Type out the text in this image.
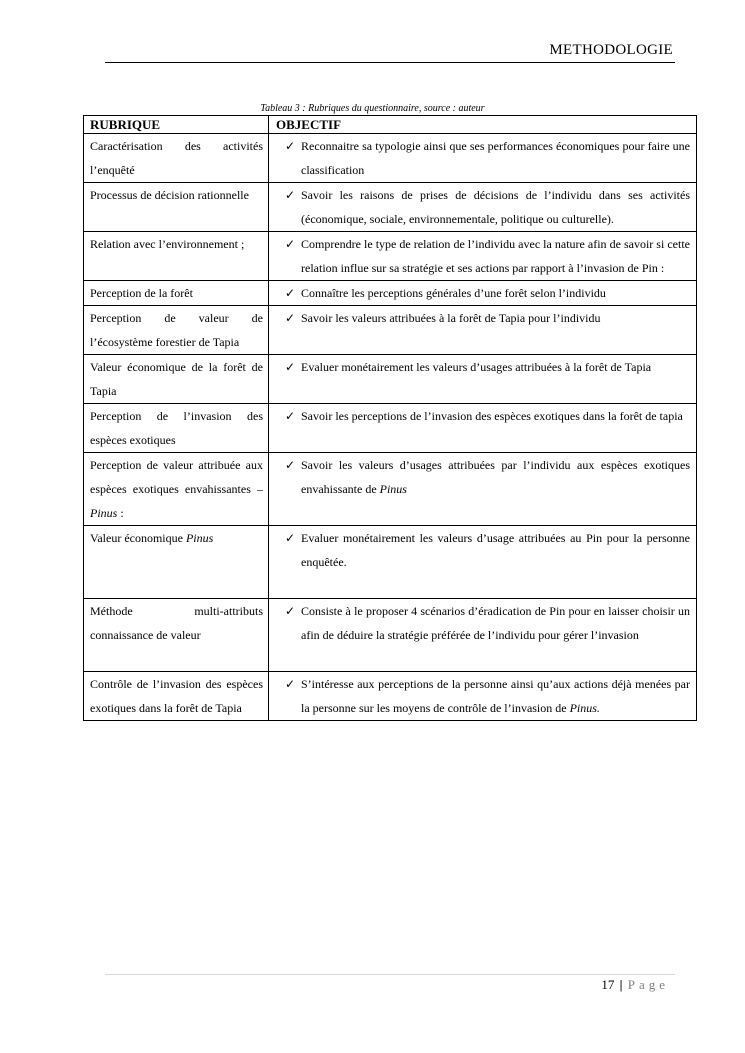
METHODOLOGIE
Tableau 3 : Rubriques du questionnaire, source : auteur
RUBRIQUE	OBJECTIF
Caractérisation des activités l’enquêté	✓ Reconnaitre sa typologie ainsi que ses performances économiques pour faire une classification
Processus de décision rationnelle	✓ Savoir les raisons de prises de décisions de l’individu dans ses activités (économique, sociale, environnementale, politique ou culturelle).
Relation avec l’environnement ;	✓ Comprendre le type de relation de l’individu avec la nature afin de savoir si cette relation influe sur sa stratégie et ses actions par rapport à l’invasion de Pin :
Perception de la forêt	✓ Connaître les perceptions générales d’une forêt selon l’individu
Perception de valeur de l’écosystème forestier de Tapia	✓ Savoir les valeurs attribuées à la forêt de Tapia pour l’individu
Valeur économique de la forêt de Tapia	✓ Evaluer monétairement les valeurs d’usages attribuées à la forêt de Tapia

Perception de l’invasion des espèces exotiques	✓ Savoir les perceptions de l’invasion des espèces exotiques dans la forêt de tapia
Perception de valeur attribuée aux espèces exotiques envahissantes – Pinus :	✓ Savoir les valeurs d’usages attribuées par l’individu aux espèces exotiques envahissante de Pinus
Valeur économique Pinus	✓ Evaluer monétairement les valeurs d’usage attribuées au Pin pour la personne enquêtée.

Méthode multi-attributs connaissance de valeur	✓ Consiste à le proposer 4 scénarios d’éradication de Pin pour en laisser choisir un afin de déduire la stratégie préférée de l’individu pour gérer l’invasion

Contrôle de l’invasion des espèces exotiques dans la forêt de Tapia	✓ S’intéresse aux perceptions de la personne ainsi qu’aux actions déjà menées par la personne sur les moyens de contrôle de l’invasion de Pinus.
17 | Page
